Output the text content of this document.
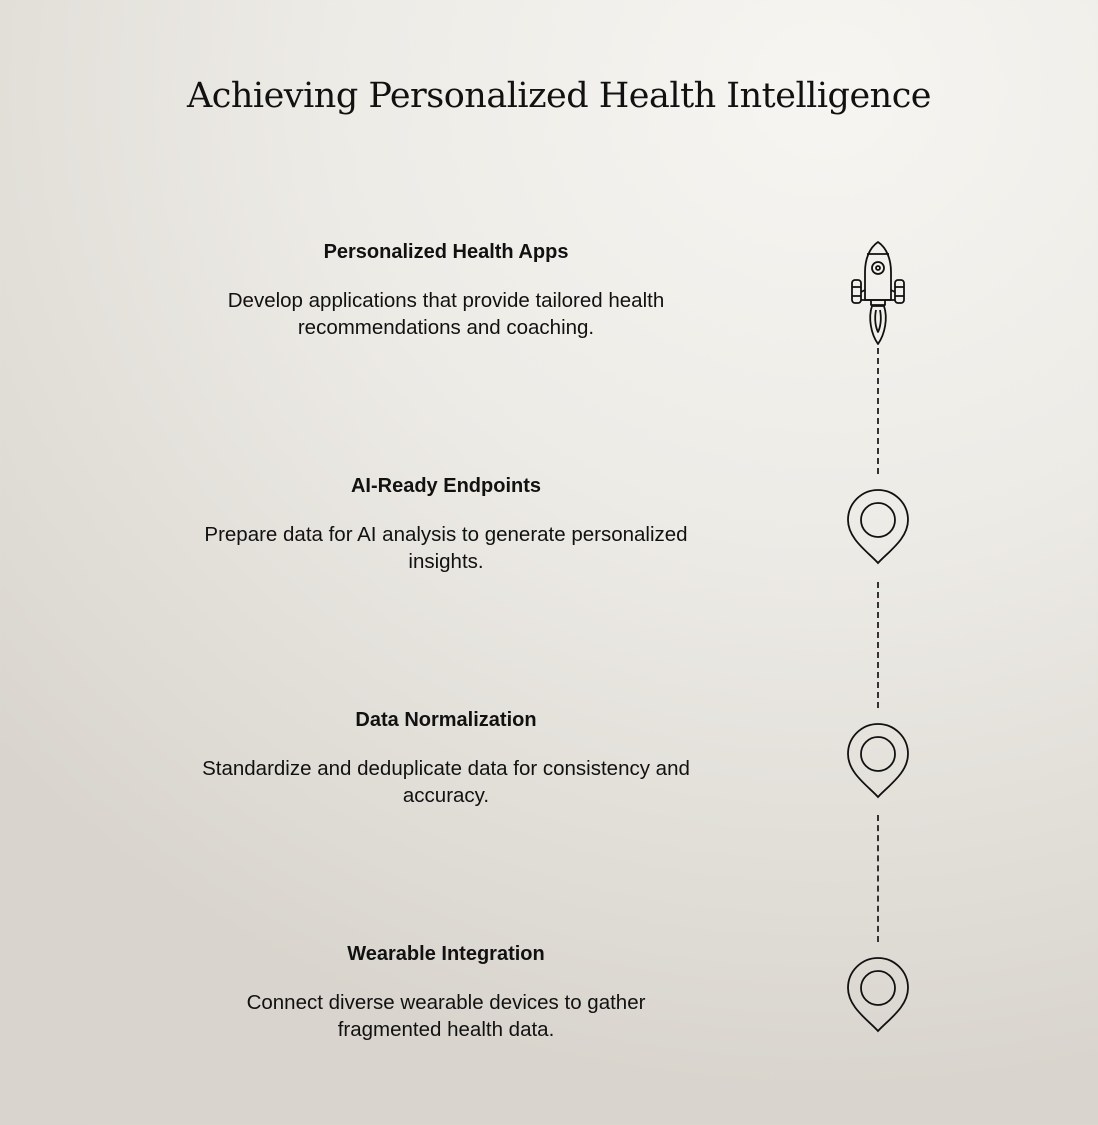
Achieving Personalized Health Intelligence
Personalized Health Apps

Develop applications that provide tailored health recommendations and coaching.

AI-Ready Endpoints

Prepare data for AI analysis to generate personalized insights.

Data Normalization

Standardize and deduplicate data for consistency and accuracy.

Wearable Integration

Connect diverse wearable devices to gather fragmented health data.
